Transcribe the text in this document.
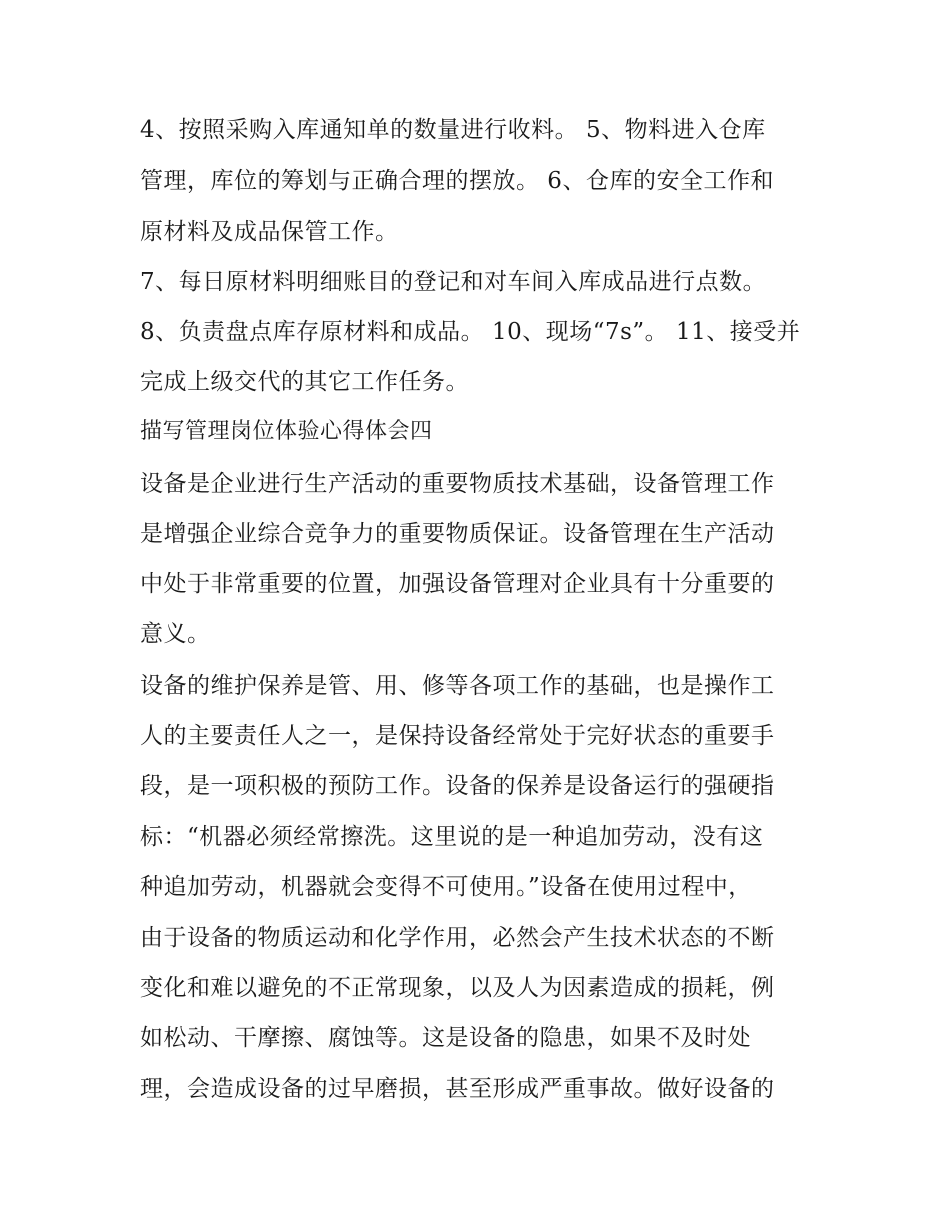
4、按照采购入库通知单的数量进行收料。 5、物料进入仓库
管理，库位的筹划与正确合理的摆放。 6、仓库的安全工作和
原材料及成品保管工作。
7、每日原材料明细账目的登记和对车间入库成品进行点数。
8、负责盘点库存原材料和成品。 10、现场“7s”。 11、接受并
完成上级交代的其它工作任务。
描写管理岗位体验心得体会四
设备是企业进行生产活动的重要物质技术基础，设备管理工作
是增强企业综合竞争力的重要物质保证。设备管理在生产活动
中处于非常重要的位置，加强设备管理对企业具有十分重要的
意义。
设备的维护保养是管、用、修等各项工作的基础，也是操作工
人的主要责任人之一，是保持设备经常处于完好状态的重要手
段，是一项积极的预防工作。设备的保养是设备运行的强硬指
标：“机器必须经常擦洗。这里说的是一种追加劳动，没有这
种追加劳动，机器就会变得不可使用。”设备在使用过程中，
由于设备的物质运动和化学作用，必然会产生技术状态的不断
变化和难以避免的不正常现象，以及人为因素造成的损耗，例
如松动、干摩擦、腐蚀等。这是设备的隐患，如果不及时处
理，会造成设备的过早磨损，甚至形成严重事故。做好设备的
